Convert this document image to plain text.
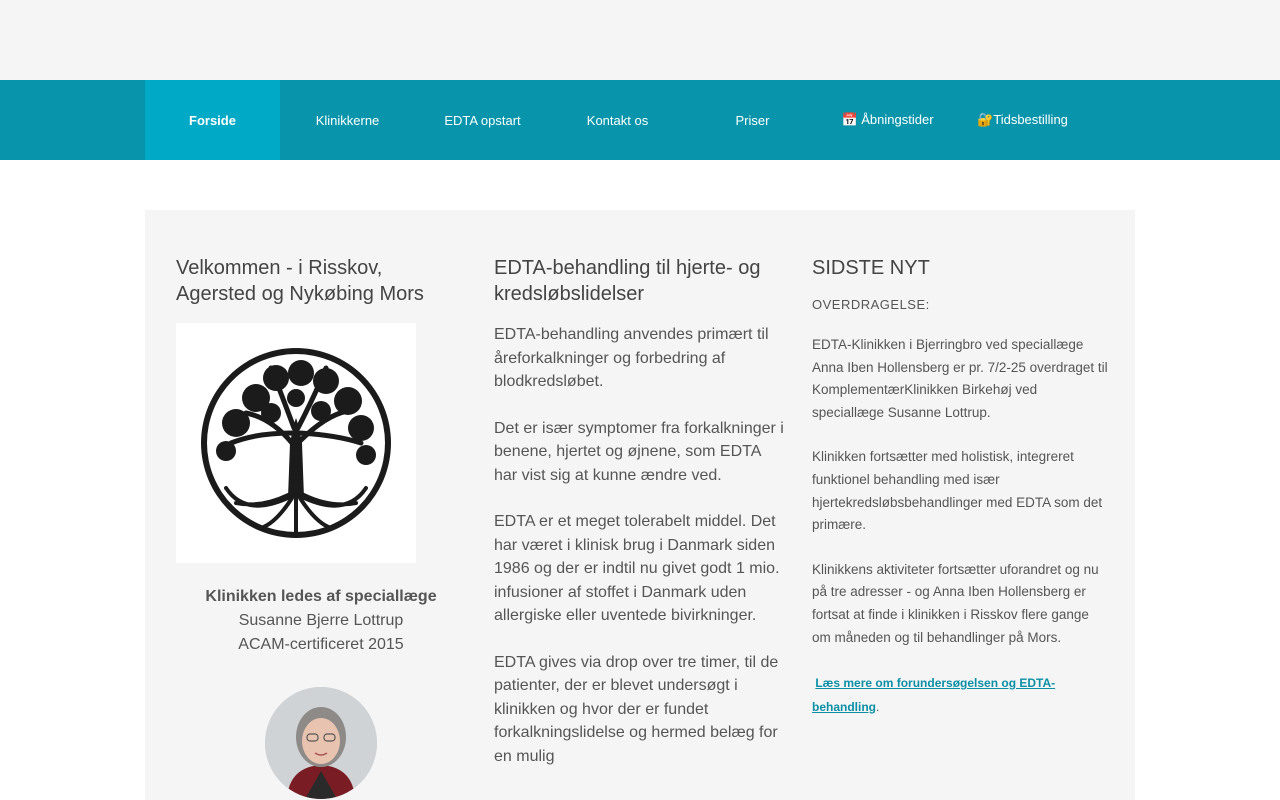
Forside	Klinikkerne	EDTA opstart	Kontakt os	Priser	📅 Åbningstider	🔐Tidsbestilling
Velkommen - i Risskov, Agersted og Nykøbing Mors
Klinikken ledes af speciallæge
Susanne Bjerre Lottrup
ACAM-certificeret 2015
EDTA-behandling til hjerte- og kredsløbslidelser

EDTA-behandling anvendes primært til åreforkalkninger og forbedring af blodkredsløbet.

Det er især symptomer fra forkalkninger i benene, hjertet og øjnene, som EDTA har vist sig at kunne ændre ved.

EDTA er et meget tolerabelt middel. Det har været i klinisk brug i Danmark siden 1986 og der er indtil nu givet godt 1 mio. infusioner af stoffet i Danmark uden allergiske eller uventede bivirkninger.

EDTA gives via drop over tre timer, til de patienter, der er blevet undersøgt i klinikken og hvor der er fundet forkalkningslidelse og hermed belæg for en mulig

SIDSTE NYT
OVERDRAGELSE:

EDTA-Klinikken i Bjerringbro ved speciallæge Anna Iben Hollensberg er pr. 7/2-25 overdraget til KomplementærKlinikken Birkehøj ved speciallæge Susanne Lottrup.

Klinikken fortsætter med holistisk, integreret funktionel behandling med især hjertekredsløbsbehandlinger med EDTA som det primære.

Klinikkens aktiviteter fortsætter uforandret og nu på tre adresser - og Anna Iben Hollensberg er fortsat at finde i klinikken i Risskov flere gange om måneden og til behandlinger på Mors.

Læs mere om forundersøgelsen og EDTA-behandling.
